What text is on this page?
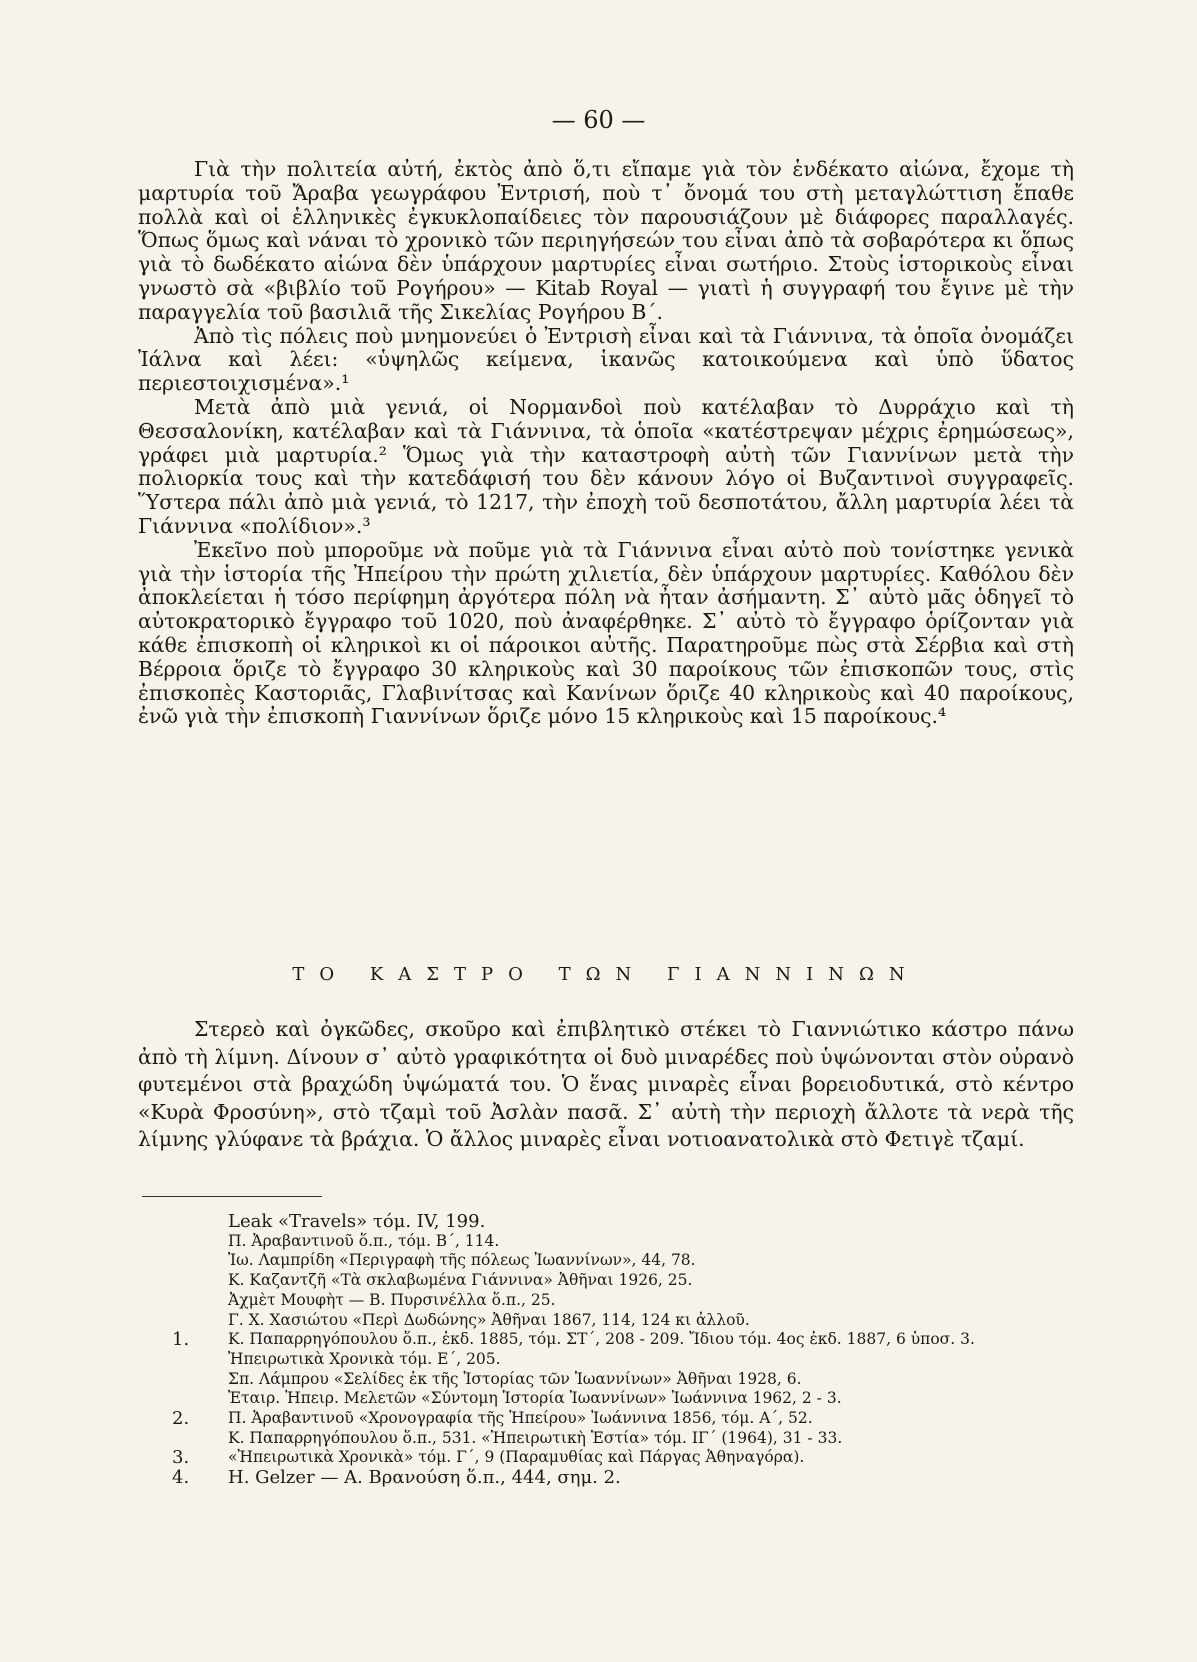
— 60 —

Γιὰ τὴν πολιτεία αὐτή, ἐκτὸς ἀπὸ ὅ,τι εἴπαμε γιὰ τὸν ἑνδέκατο αἰώνα, ἔχομε τὴ μαρτυρία τοῦ Ἄραβα γεωγράφου Ἐντρισή, ποὺ τ᾽ ὄνομά του στὴ μεταγλώττιση ἔπαθε πολλὰ καὶ οἱ ἑλληνικὲς ἐγκυκλοπαίδειες τὸν παρουσιάζουν μὲ διάφορες παραλλαγές. Ὅπως ὅμως καὶ νάναι τὸ χρονικὸ τῶν περιηγήσεών του εἶναι ἀπὸ τὰ σοβαρότερα κι ὅπως γιὰ τὸ δωδέκατο αἰώνα δὲν ὑπάρχουν μαρτυρίες εἶναι σωτήριο. Στοὺς ἱστορικοὺς εἶναι γνωστὸ σὰ «βιβλίο τοῦ Ρογήρου» — Kitab Royal — γιατὶ ἡ συγγραφή του ἔγινε μὲ τὴν παραγγελία τοῦ βασιλιᾶ τῆς Σικελίας Ρογήρου Β΄.

Ἀπὸ τὶς πόλεις ποὺ μνημονεύει ὁ Ἐντρισὴ εἶναι καὶ τὰ Γιάννινα, τὰ ὁποῖα ὀνομάζει Ἰάλνα καὶ λέει: «ὑψηλῶς κείμενα, ἱκανῶς κατοικούμενα καὶ ὑπὸ ὕδατος περιεστοιχισμένα».¹

Μετὰ ἀπὸ μιὰ γενιά, οἱ Νορμανδοὶ ποὺ κατέλαβαν τὸ Δυρράχιο καὶ τὴ Θεσσαλονίκη, κατέλαβαν καὶ τὰ Γιάννινα, τὰ ὁποῖα «κατέστρεψαν μέχρις ἐρημώσεως», γράφει μιὰ μαρτυρία.² Ὅμως γιὰ τὴν καταστροφὴ αὐτὴ τῶν Γιαννίνων μετὰ τὴν πολιορκία τους καὶ τὴν κατεδάφισή του δὲν κάνουν λόγο οἱ Βυζαντινοὶ συγγραφεῖς. Ὕστερα πάλι ἀπὸ μιὰ γενιά, τὸ 1217, τὴν ἐποχὴ τοῦ δεσποτάτου, ἄλλη μαρτυρία λέει τὰ Γιάννινα «πολίδιον».³

Ἐκεῖνο ποὺ μποροῦμε νὰ ποῦμε γιὰ τὰ Γιάννινα εἶναι αὐτὸ ποὺ τονίστηκε γενικὰ γιὰ τὴν ἱστορία τῆς Ἠπείρου τὴν πρώτη χιλιετία, δὲν ὑπάρχουν μαρτυρίες. Καθόλου δὲν ἀποκλείεται ἡ τόσο περίφημη ἀργότερα πόλη νὰ ἦταν ἀσήμαντη. Σ᾽ αὐτὸ μᾶς ὁδηγεῖ τὸ αὐτοκρατορικὸ ἔγγραφο τοῦ 1020, ποὺ ἀναφέρθηκε. Σ᾽ αὐτὸ τὸ ἔγγραφο ὁρίζονταν γιὰ κάθε ἐπισκοπὴ οἱ κληρικοὶ κι οἱ πάροικοι αὐτῆς. Παρατηροῦμε πὼς στὰ Σέρβια καὶ στὴ Βέρροια ὅριζε τὸ ἔγγραφο 30 κληρικοὺς καὶ 30 παροίκους τῶν ἐπισκοπῶν τους, στὶς ἐπισκοπὲς Καστοριᾶς, Γλαβινίτσας καὶ Κανίνων ὅριζε 40 κληρικοὺς καὶ 40 παροίκους, ἐνῶ γιὰ τὴν ἐπισκοπὴ Γιαννίνων ὅριζε μόνο 15 κληρικοὺς καὶ 15 παροίκους.⁴

ΤΟ ΚΑΣΤΡΟ ΤΩΝ ΓΙΑΝΝΙΝΩΝ

Στερεὸ καὶ ὀγκῶδες, σκοῦρο καὶ ἐπιβλητικὸ στέκει τὸ Γιαννιώτικο κάστρο πάνω ἀπὸ τὴ λίμνη. Δίνουν σ᾽ αὐτὸ γραφικότητα οἱ δυὸ μιναρέδες ποὺ ὑψώνονται στὸν οὐρανὸ φυτεμένοι στὰ βραχώδη ὑψώματά του. Ὁ ἕνας μιναρὲς εἶναι βορειοδυτικά, στὸ κέντρο «Κυρὰ Φροσύνη», στὸ τζαμὶ τοῦ Ἀσλὰν πασᾶ. Σ᾽ αὐτὴ τὴν περιοχὴ ἄλλοτε τὰ νερὰ τῆς λίμνης γλύφανε τὰ βράχια. Ὁ ἄλλος μιναρὲς εἶναι νοτιοανατολικὰ στὸ Φετιγὲ τζαμί.

Leak «Travels» τόμ. IV, 199.
Π. Ἀραβαντινοῦ ὅ.π., τόμ. Β΄, 114.
Ἰω. Λαμπρίδη «Περιγραφὴ τῆς πόλεως Ἰωαννίνων», 44, 78.
Κ. Καζαντζῆ «Τὰ σκλαβωμένα Γιάννινα» Ἀθῆναι 1926, 25.
Ἀχμὲτ Μουφὴτ — Β. Πυρσινέλλα ὅ.π., 25.
Γ. Χ. Χασιώτου «Περὶ Δωδώνης» Ἀθῆναι 1867, 114, 124 κι ἀλλοῦ.
1.	Κ. Παπαρρηγόπουλου ὅ.π., ἐκδ. 1885, τόμ. ΣΤ΄, 208 - 209. Ἴδιου τόμ. 4ος ἐκδ. 1887, 6 ὑποσ. 3.
Ἠπειρωτικὰ Χρονικὰ τόμ. Ε΄, 205.
Σπ. Λάμπρου «Σελίδες ἐκ τῆς Ἱστορίας τῶν Ἰωαννίνων» Ἀθῆναι 1928, 6.
Ἑταιρ. Ἠπειρ. Μελετῶν «Σύντομη Ἱστορία Ἰωαννίνων» Ἰωάννινα 1962, 2 - 3.
2.	Π. Ἀραβαντινοῦ «Χρονογραφία τῆς Ἠπείρου» Ἰωάννινα 1856, τόμ. Α΄, 52.
Κ. Παπαρρηγόπουλου ὅ.π., 531. «Ἠπειρωτικὴ Ἑστία» τόμ. ΙΓ΄ (1964), 31 - 33.
3.	«Ἠπειρωτικὰ Χρονικὰ» τόμ. Γ΄, 9 (Παραμυθίας καὶ Πάργας Ἀθηναγόρα).
4. H. Gelzer — Α. Βρανούση ὅ.π., 444, σημ. 2.
